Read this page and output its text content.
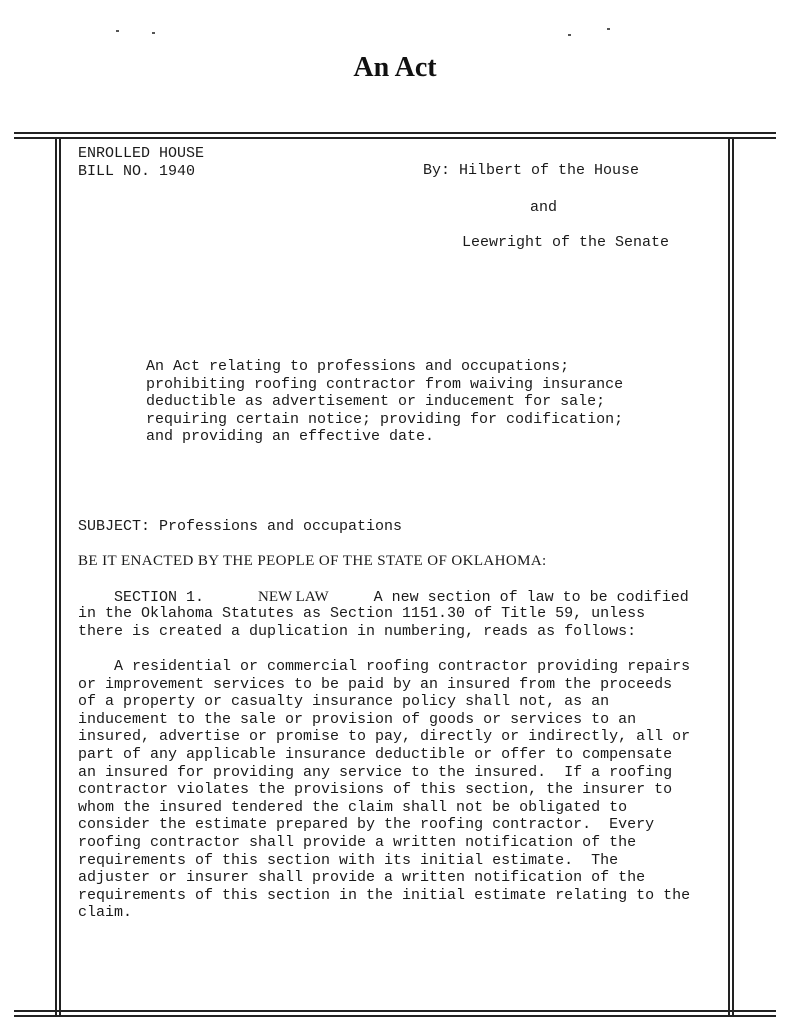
An Act
ENROLLED HOUSE
BILL NO. 1940	By: Hilbert of the House
and
Leewright of the Senate
An Act relating to professions and occupations;
prohibiting roofing contractor from waiving insurance
deductible as advertisement or inducement for sale;
requiring certain notice; providing for codification;
and providing an effective date.
SUBJECT: Professions and occupations
BE IT ENACTED BY THE PEOPLE OF THE STATE OF OKLAHOMA:
SECTION 1.	NEW LAW	A new section of law to be codified
in the Oklahoma Statutes as Section 1151.30 of Title 59, unless
there is created a duplication in numbering, reads as follows:
A residential or commercial roofing contractor providing repairs
or improvement services to be paid by an insured from the proceeds
of a property or casualty insurance policy shall not, as an
inducement to the sale or provision of goods or services to an
insured, advertise or promise to pay, directly or indirectly, all or
part of any applicable insurance deductible or offer to compensate
an insured for providing any service to the insured.  If a roofing
contractor violates the provisions of this section, the insurer to
whom the insured tendered the claim shall not be obligated to
consider the estimate prepared by the roofing contractor.  Every
roofing contractor shall provide a written notification of the
requirements of this section with its initial estimate.  The
adjuster or insurer shall provide a written notification of the
requirements of this section in the initial estimate relating to the
claim.
